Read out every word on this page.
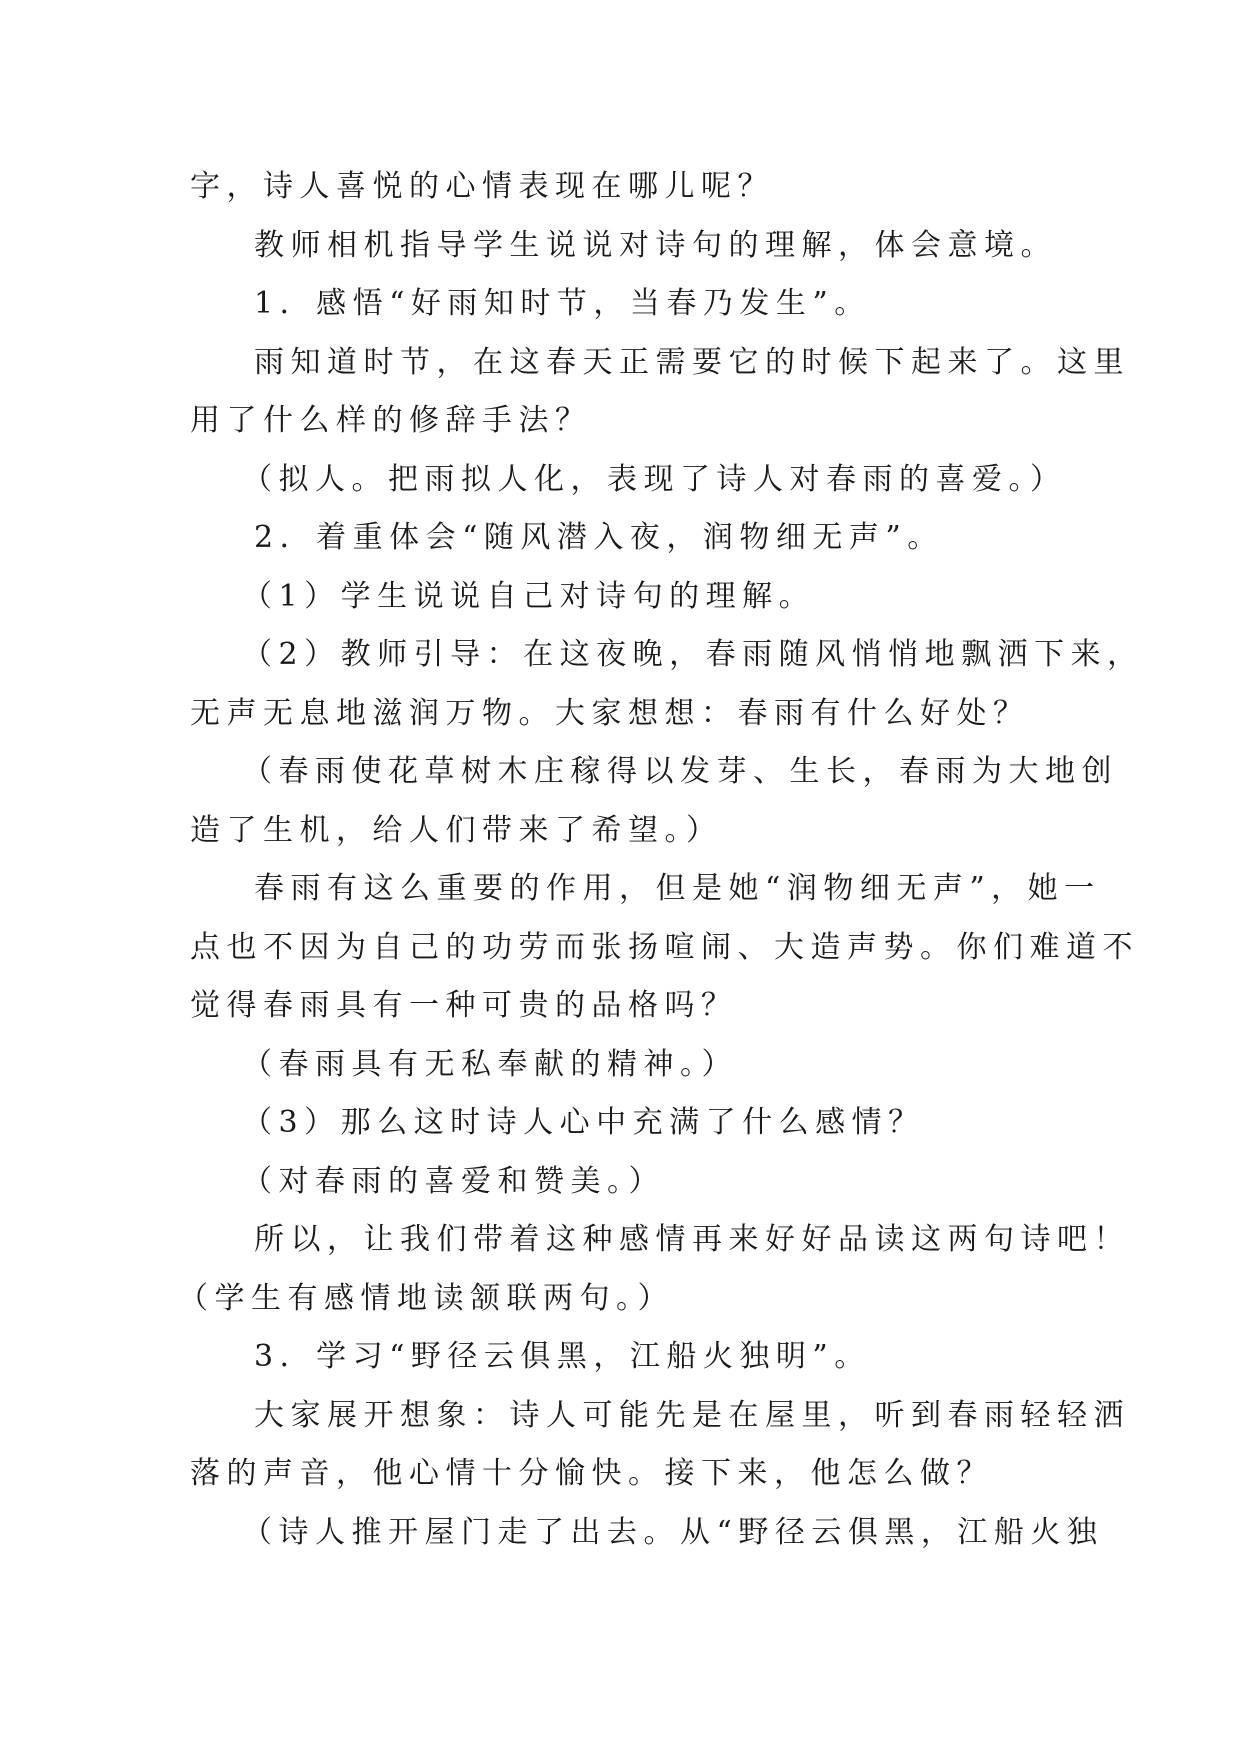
字，诗人喜悦的心情表现在哪儿呢？
教师相机指导学生说说对诗句的理解，体会意境。
1．感悟“好雨知时节，当春乃发生”。
雨知道时节，在这春天正需要它的时候下起来了。这里
用了什么样的修辞手法？
（拟人。把雨拟人化，表现了诗人对春雨的喜爱。）
2．着重体会“随风潜入夜，润物细无声”。
（1）学生说说自己对诗句的理解。
（2）教师引导：在这夜晚，春雨随风悄悄地飘洒下来，
无声无息地滋润万物。大家想想：春雨有什么好处？
（春雨使花草树木庄稼得以发芽、生长，春雨为大地创
造了生机，给人们带来了希望。）
春雨有这么重要的作用，但是她“润物细无声”，她一
点也不因为自己的功劳而张扬喧闹、大造声势。你们难道不
觉得春雨具有一种可贵的品格吗？
（春雨具有无私奉献的精神。）
（3）那么这时诗人心中充满了什么感情？
（对春雨的喜爱和赞美。）
所以，让我们带着这种感情再来好好品读这两句诗吧！
（学生有感情地读颔联两句。）
3．学习“野径云俱黑，江船火独明”。
大家展开想象：诗人可能先是在屋里，听到春雨轻轻洒
落的声音，他心情十分愉快。接下来，他怎么做？
（诗人推开屋门走了出去。从“野径云俱黑，江船火独
